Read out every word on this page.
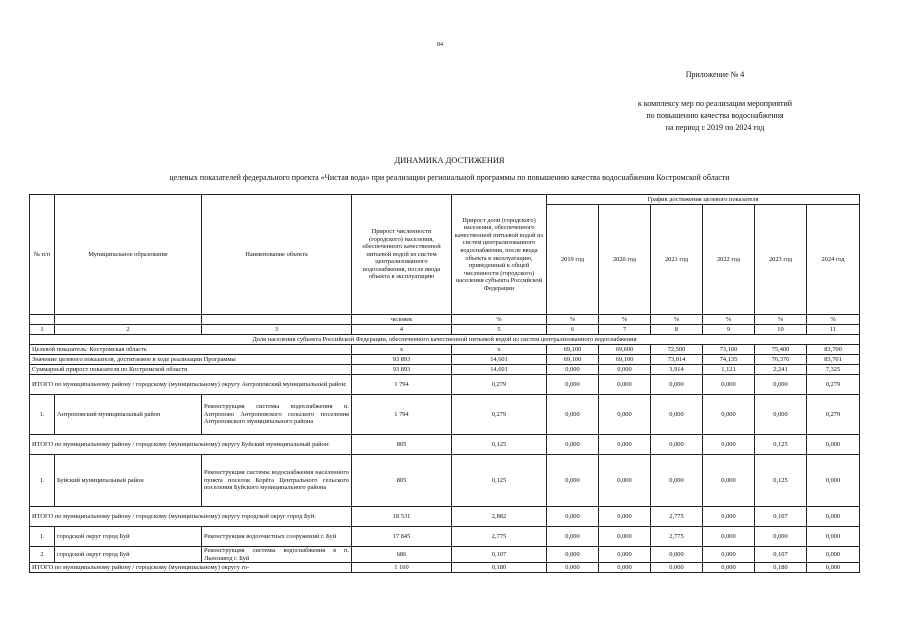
84
Приложение № 4
к комплексу мер по реализации мероприятий
по повышению качества водоснабжения
на период с 2019 по 2024 год
ДИНАМИКА ДОСТИЖЕНИЯ
целевых показателей федерального проекта «Чистая вода» при реализации региональной программы по повышению качества водоснабжения Костромской области
№ п/п	Муниципальное образование	Наименование объекта	Прирост численности (городского) населения, обеспеченного качественной питьевой водой из систем централизованного водоснабжения, после ввода объекта в эксплуатацию	Прирост доли (городского) населения, обеспеченного качественной питьевой водой из систем централизованного водоснабжения, после ввода объекта в эксплуатацию, приведенный к общей численности (городского) населения субъекта Российской Федерации	График достижения целевого показателя					
					2019 год	2020 год	2021 год	2022 год	2023 год	2024 год
			человек	%	%	%	%	%	%	%
1	2	3	4	5	6	7	8	9	10	11
Доля населения субъекта Российской Федерации, обеспеченного качественной питьевой водой из систем централизованного водоснабжения										
Целевой показатель: Костромская область			x	x	69,100	69,600	72,500	73,100	75,400	83,700
Значение целевого показателя, достигаемое в ходе реализации Программы			93 893	14,601	69,100	69,100	73,014	74,135	76,376	83,701
Суммарный прирост показателя по Костромской области			93 893	14,601	0,000	0,000	3,914	1,121	2,241	7,325
ИТОГО по муниципальному району / городскому (муниципальному) округу Антроповский муниципальный район:			1 794	0,279	0,000	0,000	0,000	0,000	0,000	0,279
1.	Антроповский муниципальный район	Реконструкция системы водоснабжения п. Антропово Антроповского сельского поселения Антроповского муниципального района	1 794	0,279	0,000	0,000	0,000	0,000	0,000	0,279
ИТОГО по муниципальному району / городскому (муниципальному) округу Буйский муниципальный район:			805	0,125	0,000	0,000	0,000	0,000	0,125	0,000
1.	Буйский муниципальный район	Реконструкция системы водоснабжения населенного пункта поселок Корёга Центрального сельского поселения Буйского муниципального района	805	0,125	0,000	0,000	0,000	0,000	0,125	0,000
ИТОГО по муниципальному району / городскому (муниципальному) округу городской округ город Буй:			18 531	2,882	0,000	0,000	2,775	0,000	0,107	0,000
1.	городской округ город Буй	Реконструкция водоочистных сооружений г. Буй	17 845	2,775	0,000	0,000	2,775	0,000	0,000	0,000
2	городской округ город Буй	Реконструкция системы водоснабжения в п. Льнозавод г. Буй	686	0,107	0,000	0,000	0,000	0,000	0,107	0,000
ИТОГО по муниципальному району / городскому (муниципальному) округу го-			1 160	0,180	0,000	0,000	0,000	0,000	0,180	0,000
